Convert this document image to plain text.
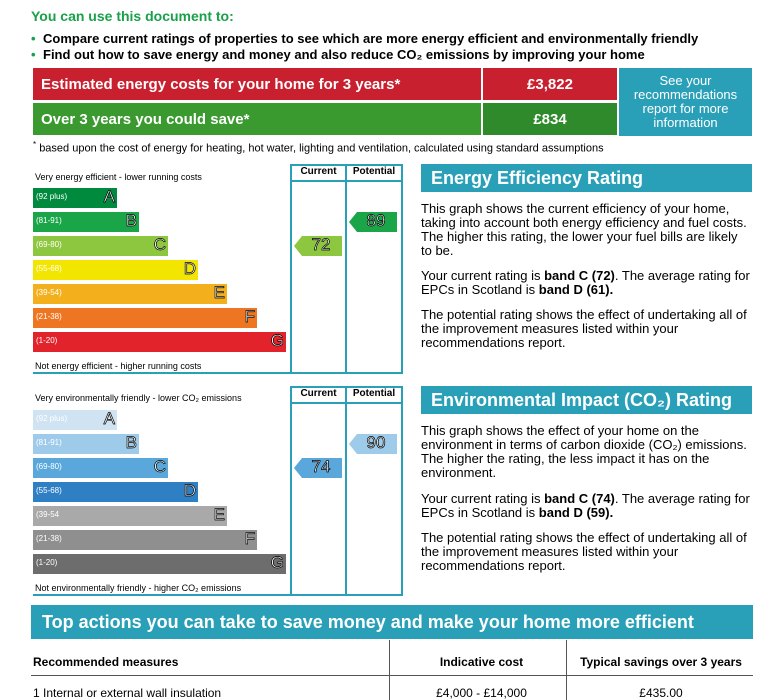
You can use this document to:
• Compare current ratings of properties to see which are more energy efficient and environmentally friendly
• Find out how to save energy and money and also reduce CO₂ emissions by improving your home
Estimated energy costs for your home for 3 years*	£3,822
Over 3 years you could save*	£834
See your recommendations report for more information
* based upon the cost of energy for heating, hot water, lighting and ventilation, calculated using standard assumptions
Current	Potential
Very energy efficient - lower running costs
Not energy efficient - higher running costs
(92 plus) A
(81-91)	B
(69-80)	C
(55-68)	D
(39-54)	E
(21-38)	F
(1-20)	G
72
89
Current	Potential
Very environmentally friendly - lower CO₂ emissions
Not environmentally friendly - higher CO₂ emissions
(92 plus) A
(81-91)	B
(69-80)	C
(55-68)	D
(39-54	E
(21-38)	F
(1-20)	G
74
90
Energy Efficiency Rating
This graph shows the current efficiency of your home, taking into account both energy efficiency and fuel costs. The higher this rating, the lower your fuel bills are likely to be.
Your current rating is band C (72). The average rating for EPCs in Scotland is band D (61).
The potential rating shows the effect of undertaking all of the improvement measures listed within your recommendations report.
Environmental Impact (CO₂) Rating
This graph shows the effect of your home on the environment in terms of carbon dioxide (CO₂) emissions. The higher the rating, the less impact it has on the environment.
Your current rating is band C (74). The average rating for EPCs in Scotland is band D (59).
The potential rating shows the effect of undertaking all of the improvement measures listed within your recommendations report.
Top actions you can take to save money and make your home more efficient
Recommended measures	Indicative cost	Typical savings over 3 years
1 Internal or external wall insulation	£4,000 - £14,000	£435.00
